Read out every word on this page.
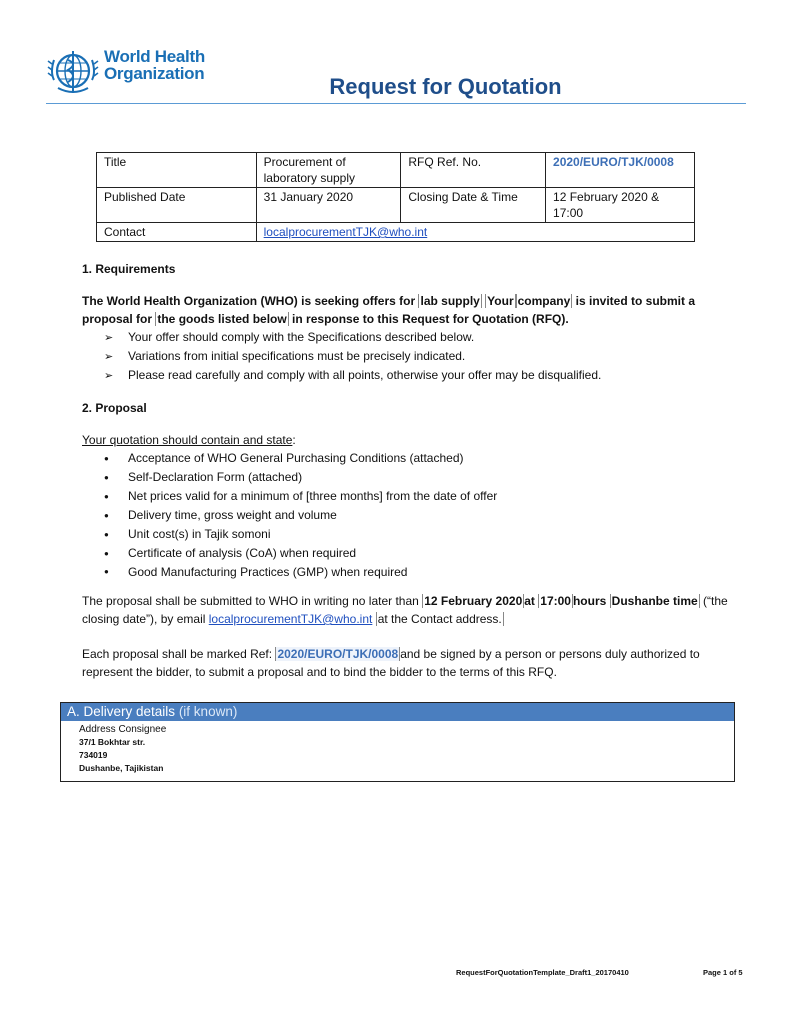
World Health
Organization
Request for Quotation
Title	Procurement of laboratory supply	RFQ Ref. No.	2020/EURO/TJK/0008
Published Date	31 January 2020	Closing Date & Time	12 February 2020 & 17:00
Contact	localprocurementTJK@who.int		
1. Requirements
The World Health Organization (WHO) is seeking offers for lab supply Your company is invited to submit a proposal for the goods listed below in response to this Request for Quotation (RFQ).
➢ Your offer should comply with the Specifications described below.
➢ Variations from initial specifications must be precisely indicated.
➢ Please read carefully and comply with all points, otherwise your offer may be disqualified.
2. Proposal
Your quotation should contain and state:
● Acceptance of WHO General Purchasing Conditions (attached)
● Self-Declaration Form (attached)
● Net prices valid for a minimum of [three months] from the date of offer
● Delivery time, gross weight and volume
● Unit cost(s) in Tajik somoni
● Certificate of analysis (CoA) when required
● Good Manufacturing Practices (GMP) when required
The proposal shall be submitted to WHO in writing no later than 12 February 2020 at 17:00 hours Dushanbe time (“the closing date”), by email localprocurementTJK@who.int at the Contact address.
Each proposal shall be marked Ref: 2020/EURO/TJK/0008 and be signed by a person or persons duly authorized to represent the bidder, to submit a proposal and to bind the bidder to the terms of this RFQ.
A. Delivery details (if known)
Address Consignee
37/1 Bokhtar str.
734019
Dushanbe, Tajikistan
RequestForQuotationTemplate_Draft1_20170410	Page 1 of 5
